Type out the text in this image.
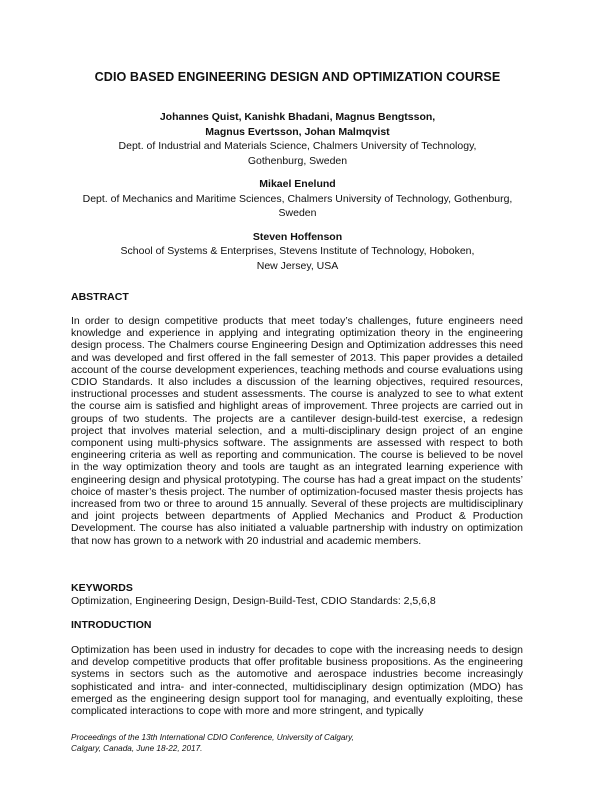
CDIO BASED ENGINEERING DESIGN AND OPTIMIZATION COURSE
Johannes Quist, Kanishk Bhadani, Magnus Bengtsson,
Magnus Evertsson, Johan Malmqvist
Dept. of Industrial and Materials Science, Chalmers University of Technology,
Gothenburg, Sweden
Mikael Enelund
Dept. of Mechanics and Maritime Sciences, Chalmers University of Technology, Gothenburg,
Sweden
Steven Hoffenson
School of Systems & Enterprises, Stevens Institute of Technology, Hoboken,
New Jersey, USA
ABSTRACT
In order to design competitive products that meet today’s challenges, future engineers need knowledge and experience in applying and integrating optimization theory in the engineering design process. The Chalmers course Engineering Design and Optimization addresses this need and was developed and first offered in the fall semester of 2013. This paper provides a detailed account of the course development experiences, teaching methods and course evaluations using CDIO Standards. It also includes a discussion of the learning objectives, required resources, instructional processes and student assessments. The course is analyzed to see to what extent the course aim is satisfied and highlight areas of improvement. Three projects are carried out in groups of two students. The projects are a cantilever design-build-test exercise, a redesign project that involves material selection, and a multi-disciplinary design project of an engine component using multi-physics software. The assignments are assessed with respect to both engineering criteria as well as reporting and communication. The course is believed to be novel in the way optimization theory and tools are taught as an integrated learning experience with engineering design and physical prototyping. The course has had a great impact on the students’ choice of master’s thesis project. The number of optimization-focused master thesis projects has increased from two or three to around 15 annually. Several of these projects are multidisciplinary and joint projects between departments of Applied Mechanics and Product & Production Development. The course has also initiated a valuable partnership with industry on optimization that now has grown to a network with 20 industrial and academic members.
KEYWORDS
Optimization, Engineering Design, Design-Build-Test, CDIO Standards: 2,5,6,8
INTRODUCTION
Optimization has been used in industry for decades to cope with the increasing needs to design and develop competitive products that offer profitable business propositions. As the engineering systems in sectors such as the automotive and aerospace industries become increasingly sophisticated and intra- and inter-connected, multidisciplinary design optimization (MDO) has emerged as the engineering design support tool for managing, and eventually exploiting, these complicated interactions to cope with more and more stringent, and typically
Proceedings of the 13th International CDIO Conference, University of Calgary,
Calgary, Canada, June 18-22, 2017.
